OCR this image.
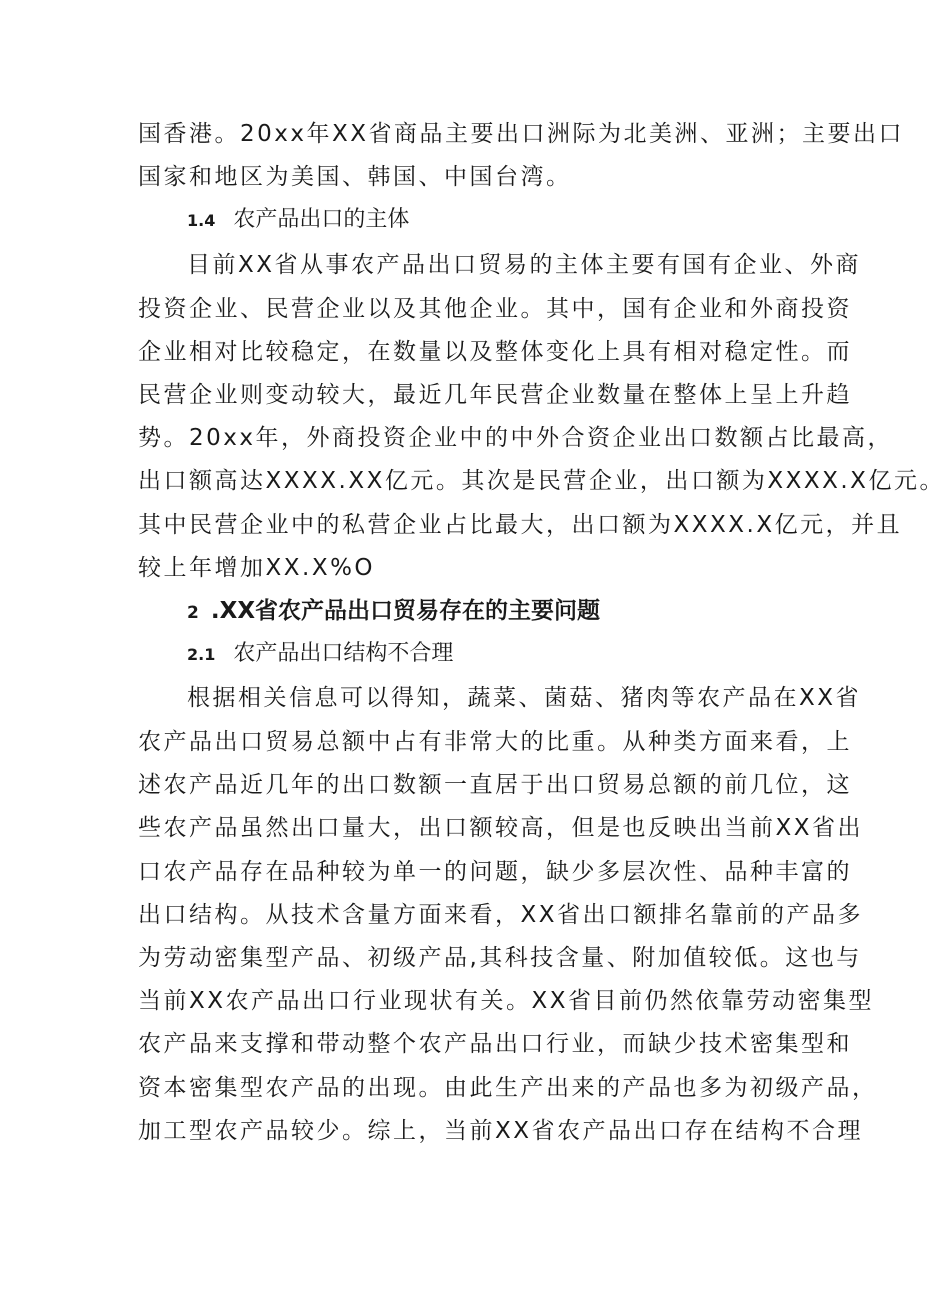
国香港。20xx年XX省商品主要出口洲际为北美洲、亚洲；主要出口
国家和地区为美国、韩国、中国台湾。
1.4 农产品出口的主体
目前XX省从事农产品出口贸易的主体主要有国有企业、外商
投资企业、民营企业以及其他企业。其中，国有企业和外商投资
企业相对比较稳定，在数量以及整体变化上具有相对稳定性。而
民营企业则变动较大，最近几年民营企业数量在整体上呈上升趋
势。20xx年，外商投资企业中的中外合资企业出口数额占比最高，
出口额高达XXXX.XX亿元。其次是民营企业，出口额为XXXX.X亿元。
其中民营企业中的私营企业占比最大，出口额为XXXX.X亿元，并且
较上年增加XX.X%O
2 .XX省农产品出口贸易存在的主要问题
2.1 农产品出口结构不合理
根据相关信息可以得知，蔬菜、菌菇、猪肉等农产品在XX省
农产品出口贸易总额中占有非常大的比重。从种类方面来看，上
述农产品近几年的出口数额一直居于出口贸易总额的前几位，这
些农产品虽然出口量大，出口额较高，但是也反映出当前XX省出
口农产品存在品种较为单一的问题，缺少多层次性、品种丰富的
出口结构。从技术含量方面来看，XX省出口额排名靠前的产品多
为劳动密集型产品、初级产品,其科技含量、附加值较低。这也与
当前XX农产品出口行业现状有关。XX省目前仍然依靠劳动密集型
农产品来支撑和带动整个农产品出口行业，而缺少技术密集型和
资本密集型农产品的出现。由此生产出来的产品也多为初级产品，
加工型农产品较少。综上，当前XX省农产品出口存在结构不合理
